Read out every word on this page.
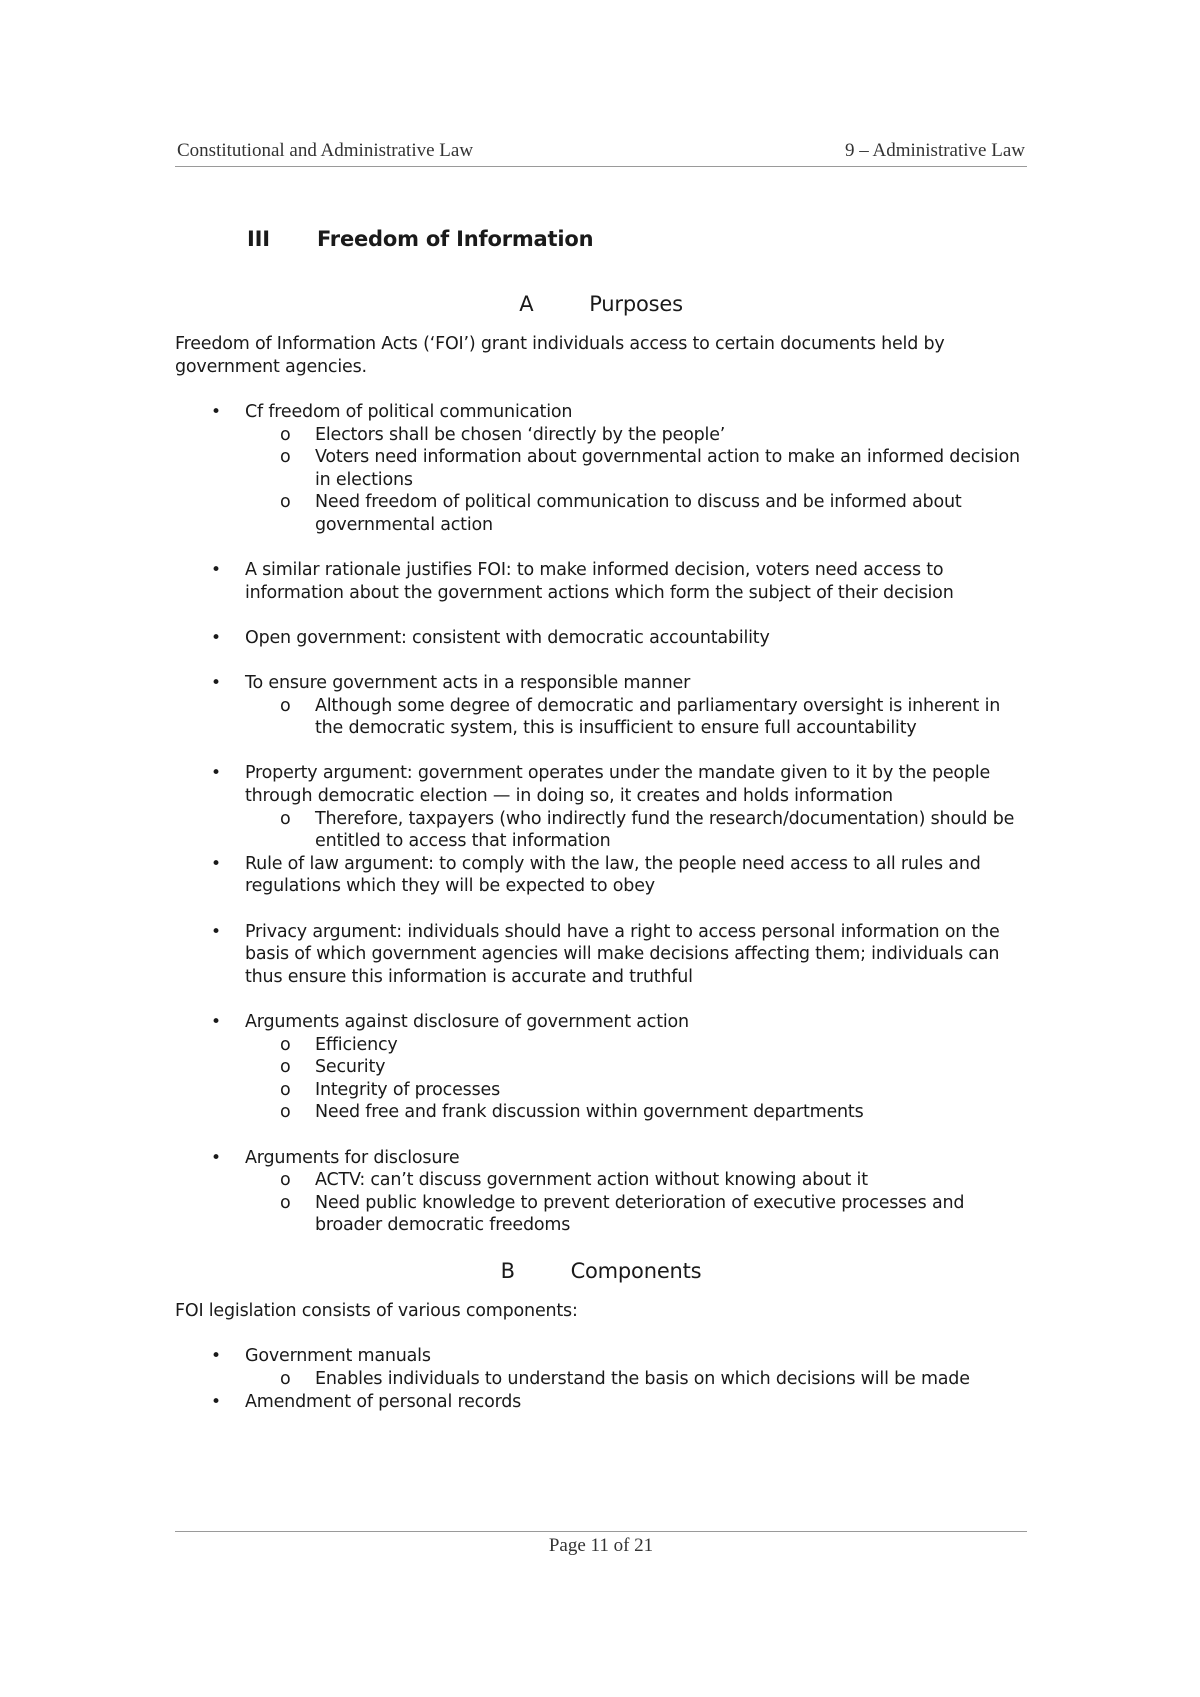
Constitutional and Administrative Law	9 – Administrative Law
III	Freedom of Information
A	Purposes

Freedom of Information Acts (‘FOI’) grant individuals access to certain documents held by government agencies.

• Cf freedom of political communication
o Electors shall be chosen ‘directly by the people’
o Voters need information about governmental action to make an informed decision in elections
o Need freedom of political communication to discuss and be informed about governmental action
• A similar rationale justifies FOI: to make informed decision, voters need access to information about the government actions which form the subject of their decision
• Open government: consistent with democratic accountability
• To ensure government acts in a responsible manner
o Although some degree of democratic and parliamentary oversight is inherent in the democratic system, this is insufficient to ensure full accountability
• Property argument: government operates under the mandate given to it by the people through democratic election — in doing so, it creates and holds information
o Therefore, taxpayers (who indirectly fund the research/documentation) should be entitled to access that information
• Rule of law argument: to comply with the law, the people need access to all rules and regulations which they will be expected to obey
• Privacy argument: individuals should have a right to access personal information on the basis of which government agencies will make decisions affecting them; individuals can thus ensure this information is accurate and truthful
• Arguments against disclosure of government action
o Efficiency
o Security
o Integrity of processes
o Need free and frank discussion within government departments
• Arguments for disclosure
o ACTV: can’t discuss government action without knowing about it
o Need public knowledge to prevent deterioration of executive processes and broader democratic freedoms
B	Components

FOI legislation consists of various components:

• Government manuals
o Enables individuals to understand the basis on which decisions will be made
• Amendment of personal records
Page 11 of 21
